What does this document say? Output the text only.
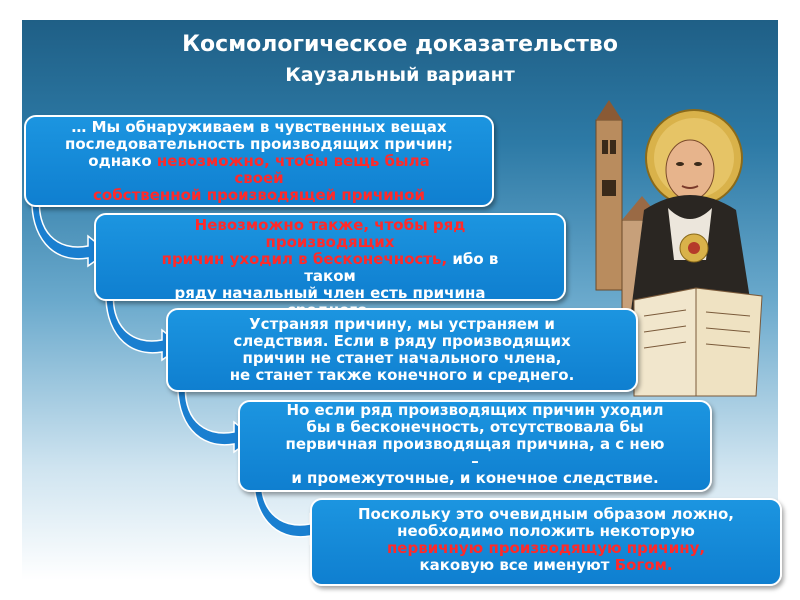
Космологическое доказательство
Каузальный вариант
… Мы обнаруживаем в чувственных вещах
последовательность производящих причин;
однако невозможно, чтобы вещь была
своей
собственной производящей причиной
Невозможно также, чтобы ряд
производящих
причин уходил в бесконечность, ибо в
таком
ряду начальный член есть причина
Устраняя причину, мы устраняем и
следствия. Если в ряду производящих
причин не станет начального члена,
не станет также конечного и среднего.
Но если ряд производящих причин уходил
бы в бесконечность, отсутствовала бы
первичная производящая причина, а с нею
–
и промежуточные, и конечное следствие.
Поскольку это очевидным образом ложно,
необходимо положить некоторую
первичную производящую причину,
каковую все именуют Богом.
